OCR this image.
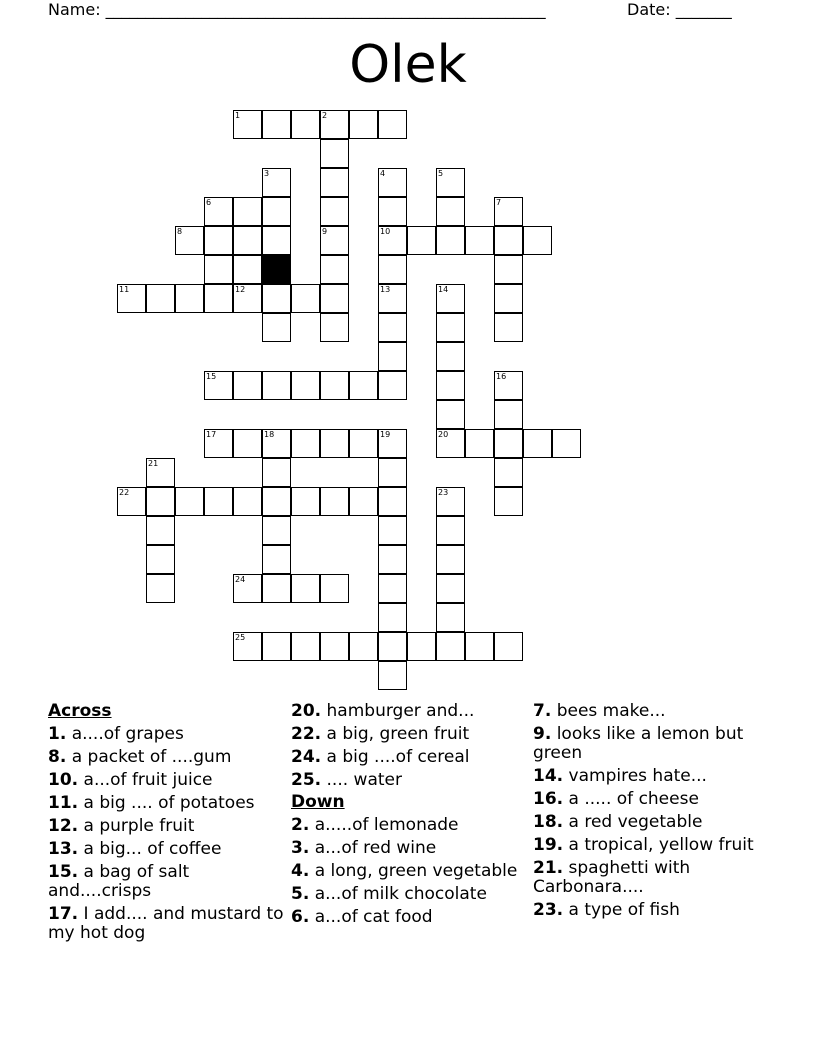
Name: _______________________________________________________	Date: _______
Olek
1	2
3	4	5
6	7
8	9	10
11	12	13	14
15	16
17	18	19	20
21
22	23
24
25
Across
1. a....of grapes
8. a packet of ....gum
10. a...of fruit juice
11. a big .... of potatoes
12. a purple fruit
13. a big... of coffee
15. a bag of salt and....crisps
17. I add.... and mustard to my hot dog
20. hamburger and...
22. a big, green fruit
24. a big ....of cereal
25. .... water
Down
2. a.....of lemonade
3. a...of red wine
4. a long, green vegetable
5. a...of milk chocolate
6. a...of cat food
7. bees make...
9. looks like a lemon but green
14. vampires hate...
16. a ..... of cheese
18. a red vegetable
19. a tropical, yellow fruit
21. spaghetti with Carbonara....
23. a type of fish
